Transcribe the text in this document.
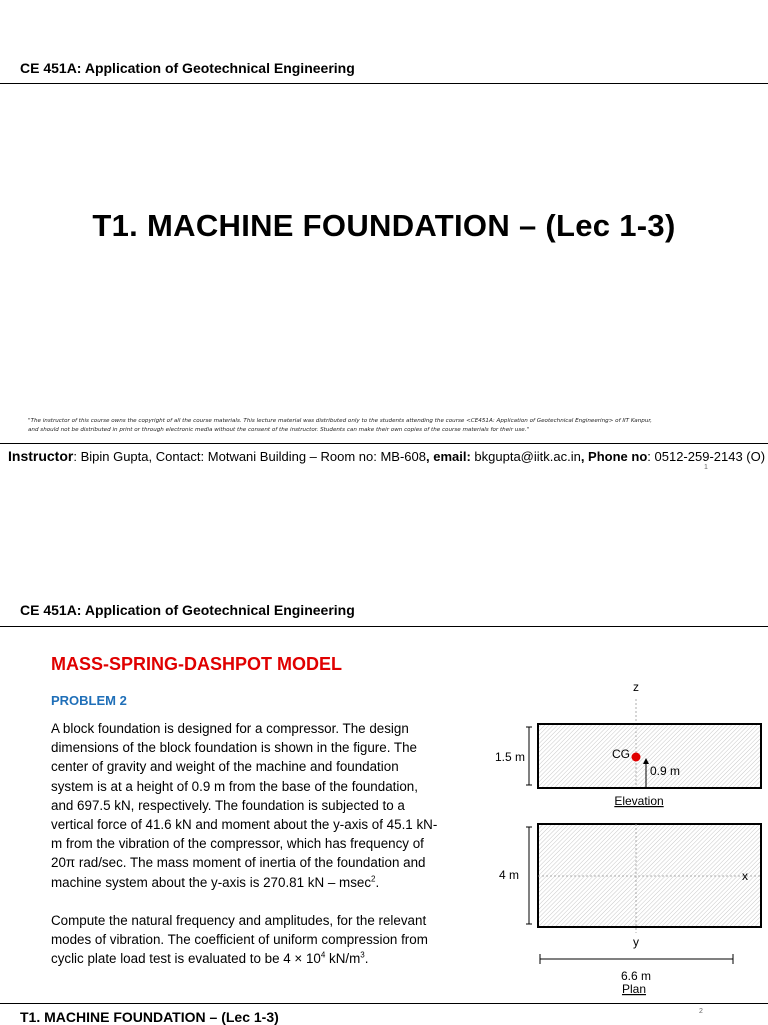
CE 451A: Application of Geotechnical Engineering
T1. MACHINE FOUNDATION – (Lec 1-3)
"The instructor of this course owns the copyright of all the course materials. This lecture material was distributed only to the students attending the course <CE451A: Application of Geotechnical Engineering> of IIT Kanpur,
and should not be distributed in print or through electronic media without the consent of the instructor. Students can make their own copies of the course materials for their use."
Instructor: Bipin Gupta, Contact: Motwani Building – Room no: MB-608, email: bkgupta@iitk.ac.in, Phone no: 0512-259-2143 (O)
1
CE 451A: Application of Geotechnical Engineering
MASS-SPRING-DASHPOT MODEL
PROBLEM 2
A block foundation is designed for a compressor. The design
dimensions of the block foundation is shown in the figure. The
center of gravity and weight of the machine and foundation
system is at a height of 0.9 m from the base of the foundation,
and 697.5 kN, respectively. The foundation is subjected to a
vertical force of 41.6 kN and moment about the y-axis of 45.1 kN-
m from the vibration of the compressor, which has frequency of
20π rad/sec. The mass moment of inertia of the foundation and
machine system about the y-axis is 270.81 kN – msec$^2$.
Compute the natural frequency and amplitudes, for the relevant
modes of vibration. The coefficient of uniform compression from
cyclic plate load test is evaluated to be $4 \times 10^4$ $kN/m^3$.
z
1.5 m	CG
0.9 m
Elevation
4 m	x
y
6.6 m
Plan
T1. MACHINE FOUNDATION – (Lec 1-3)	2
